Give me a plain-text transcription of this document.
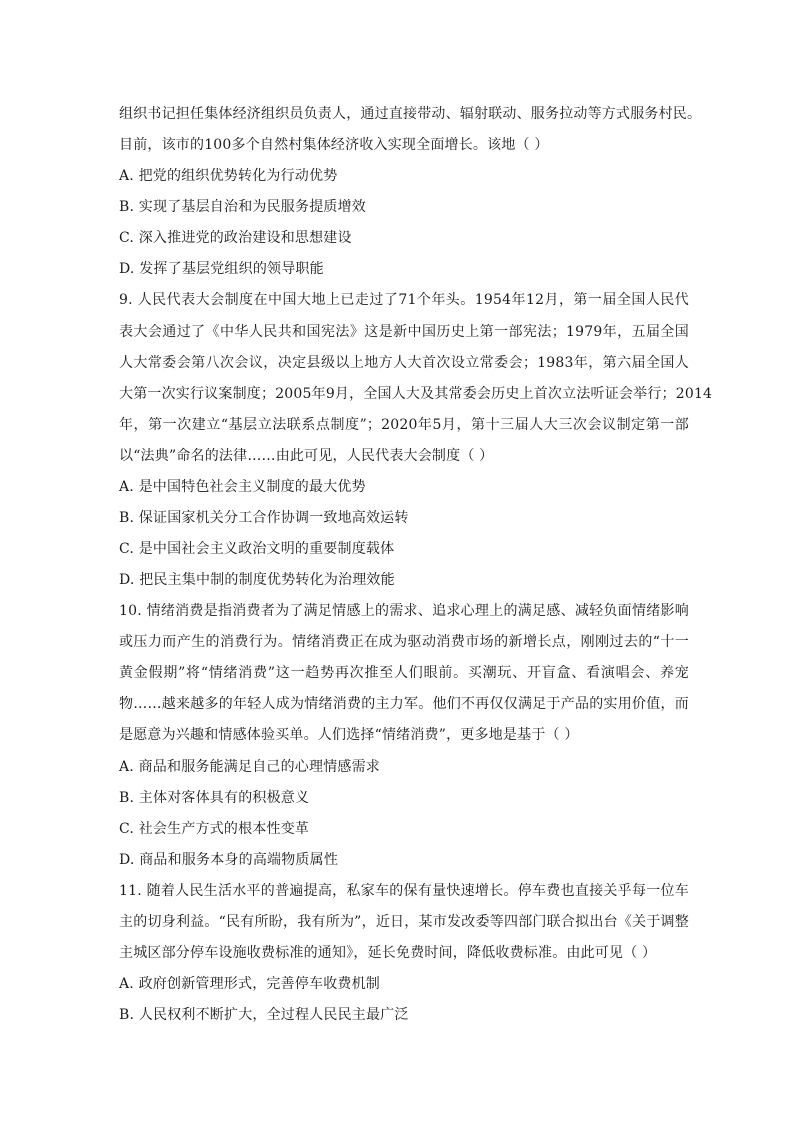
组织书记担任集体经济组织员负责人，通过直接带动、辐射联动、服务拉动等方式服务村民。
目前，该市的100多个自然村集体经济收入实现全面增长。该地（ ）
A. 把党的组织优势转化为行动优势
B. 实现了基层自治和为民服务提质增效
C. 深入推进党的政治建设和思想建设
D. 发挥了基层党组织的领导职能
9. 人民代表大会制度在中国大地上已走过了71个年头。1954年12月，第一届全国人民代
表大会通过了《中华人民共和国宪法》这是新中国历史上第一部宪法；1979年，五届全国
人大常委会第八次会议，决定县级以上地方人大首次设立常委会；1983年，第六届全国人
大第一次实行议案制度；2005年9月，全国人大及其常委会历史上首次立法听证会举行；2014
年，第一次建立“基层立法联系点制度”；2020年5月，第十三届人大三次会议制定第一部
以“法典”命名的法律……由此可见，人民代表大会制度（ ）
A. 是中国特色社会主义制度的最大优势
B. 保证国家机关分工合作协调一致地高效运转
C. 是中国社会主义政治文明的重要制度载体
D. 把民主集中制的制度优势转化为治理效能
10. 情绪消费是指消费者为了满足情感上的需求、追求心理上的满足感、减轻负面情绪影响
或压力而产生的消费行为。情绪消费正在成为驱动消费市场的新增长点，刚刚过去的“十一
黄金假期”将“情绪消费”这一趋势再次推至人们眼前。买潮玩、开盲盒、看演唱会、养宠
物……越来越多的年轻人成为情绪消费的主力军。他们不再仅仅满足于产品的实用价值，而
是愿意为兴趣和情感体验买单。人们选择“情绪消费”，更多地是基于（ ）
A. 商品和服务能满足自己的心理情感需求
B. 主体对客体具有的积极意义
C. 社会生产方式的根本性变革
D. 商品和服务本身的高端物质属性
11. 随着人民生活水平的普遍提高，私家车的保有量快速增长。停车费也直接关乎每一位车
主的切身利益。“民有所盼，我有所为”，近日，某市发改委等四部门联合拟出台《关于调整
主城区部分停车设施收费标准的通知》，延长免费时间，降低收费标准。由此可见（ ）
A. 政府创新管理形式，完善停车收费机制
B. 人民权利不断扩大，全过程人民民主最广泛
